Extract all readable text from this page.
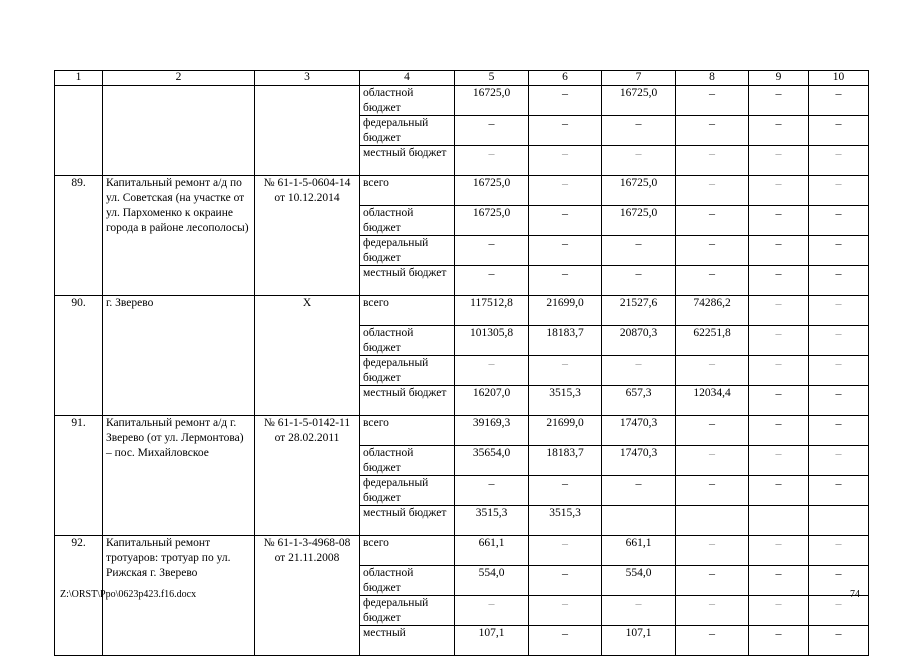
1	2	3	4	5	6	7	8	9	10
			областной бюджет	16725,0	–	16725,0	–	–	–
			федеральный бюджет	–	–	–	–	–	–
			местный бюджет	–	–	–	–	–	–
89.	Капитальный ремонт а/д по ул. Советская (на участке от ул. Пархоменко к окраине города в районе лесополосы)	№ 61-1-5-0604-14 от 10.12.2014	всего	16725,0	–	16725,0	–	–	–
			областной бюджет	16725,0	–	16725,0	–	–	–
			федеральный бюджет	–	–	–	–	–	–
			местный бюджет	–	–	–	–	–	–
90.	г. Зверево	Х	всего	117512,8	21699,0	21527,6	74286,2	–	–
			областной бюджет	101305,8	18183,7	20870,3	62251,8	–	–
			федеральный бюджет	–	–	–	–	–	–
			местный бюджет	16207,0	3515,3	657,3	12034,4	–	–
91.	Капитальный ремонт а/д г. Зверево (от ул. Лермонтова) – пос. Михайловское	№ 61-1-5-0142-11 от 28.02.2011	всего	39169,3	21699,0	17470,3	–	–	–
			областной бюджет	35654,0	18183,7	17470,3	–	–	–
			федеральный бюджет	–	–	–	–	–	–
			местный бюджет	3515,3	3515,3				
92.	Капитальный ремонт тротуаров: тротуар по ул. Рижская г. Зверево	№ 61-1-3-4968-08 от 21.11.2008	всего	661,1	–	661,1	–	–	–
			областной бюджет	554,0	–	554,0	–	–	–
			федеральный бюджет	–	–	–	–	–	–
			местный	107,1	–	107,1	–	–	–
Z:\ORST\Ppo\0623p423.f16.docx	74
